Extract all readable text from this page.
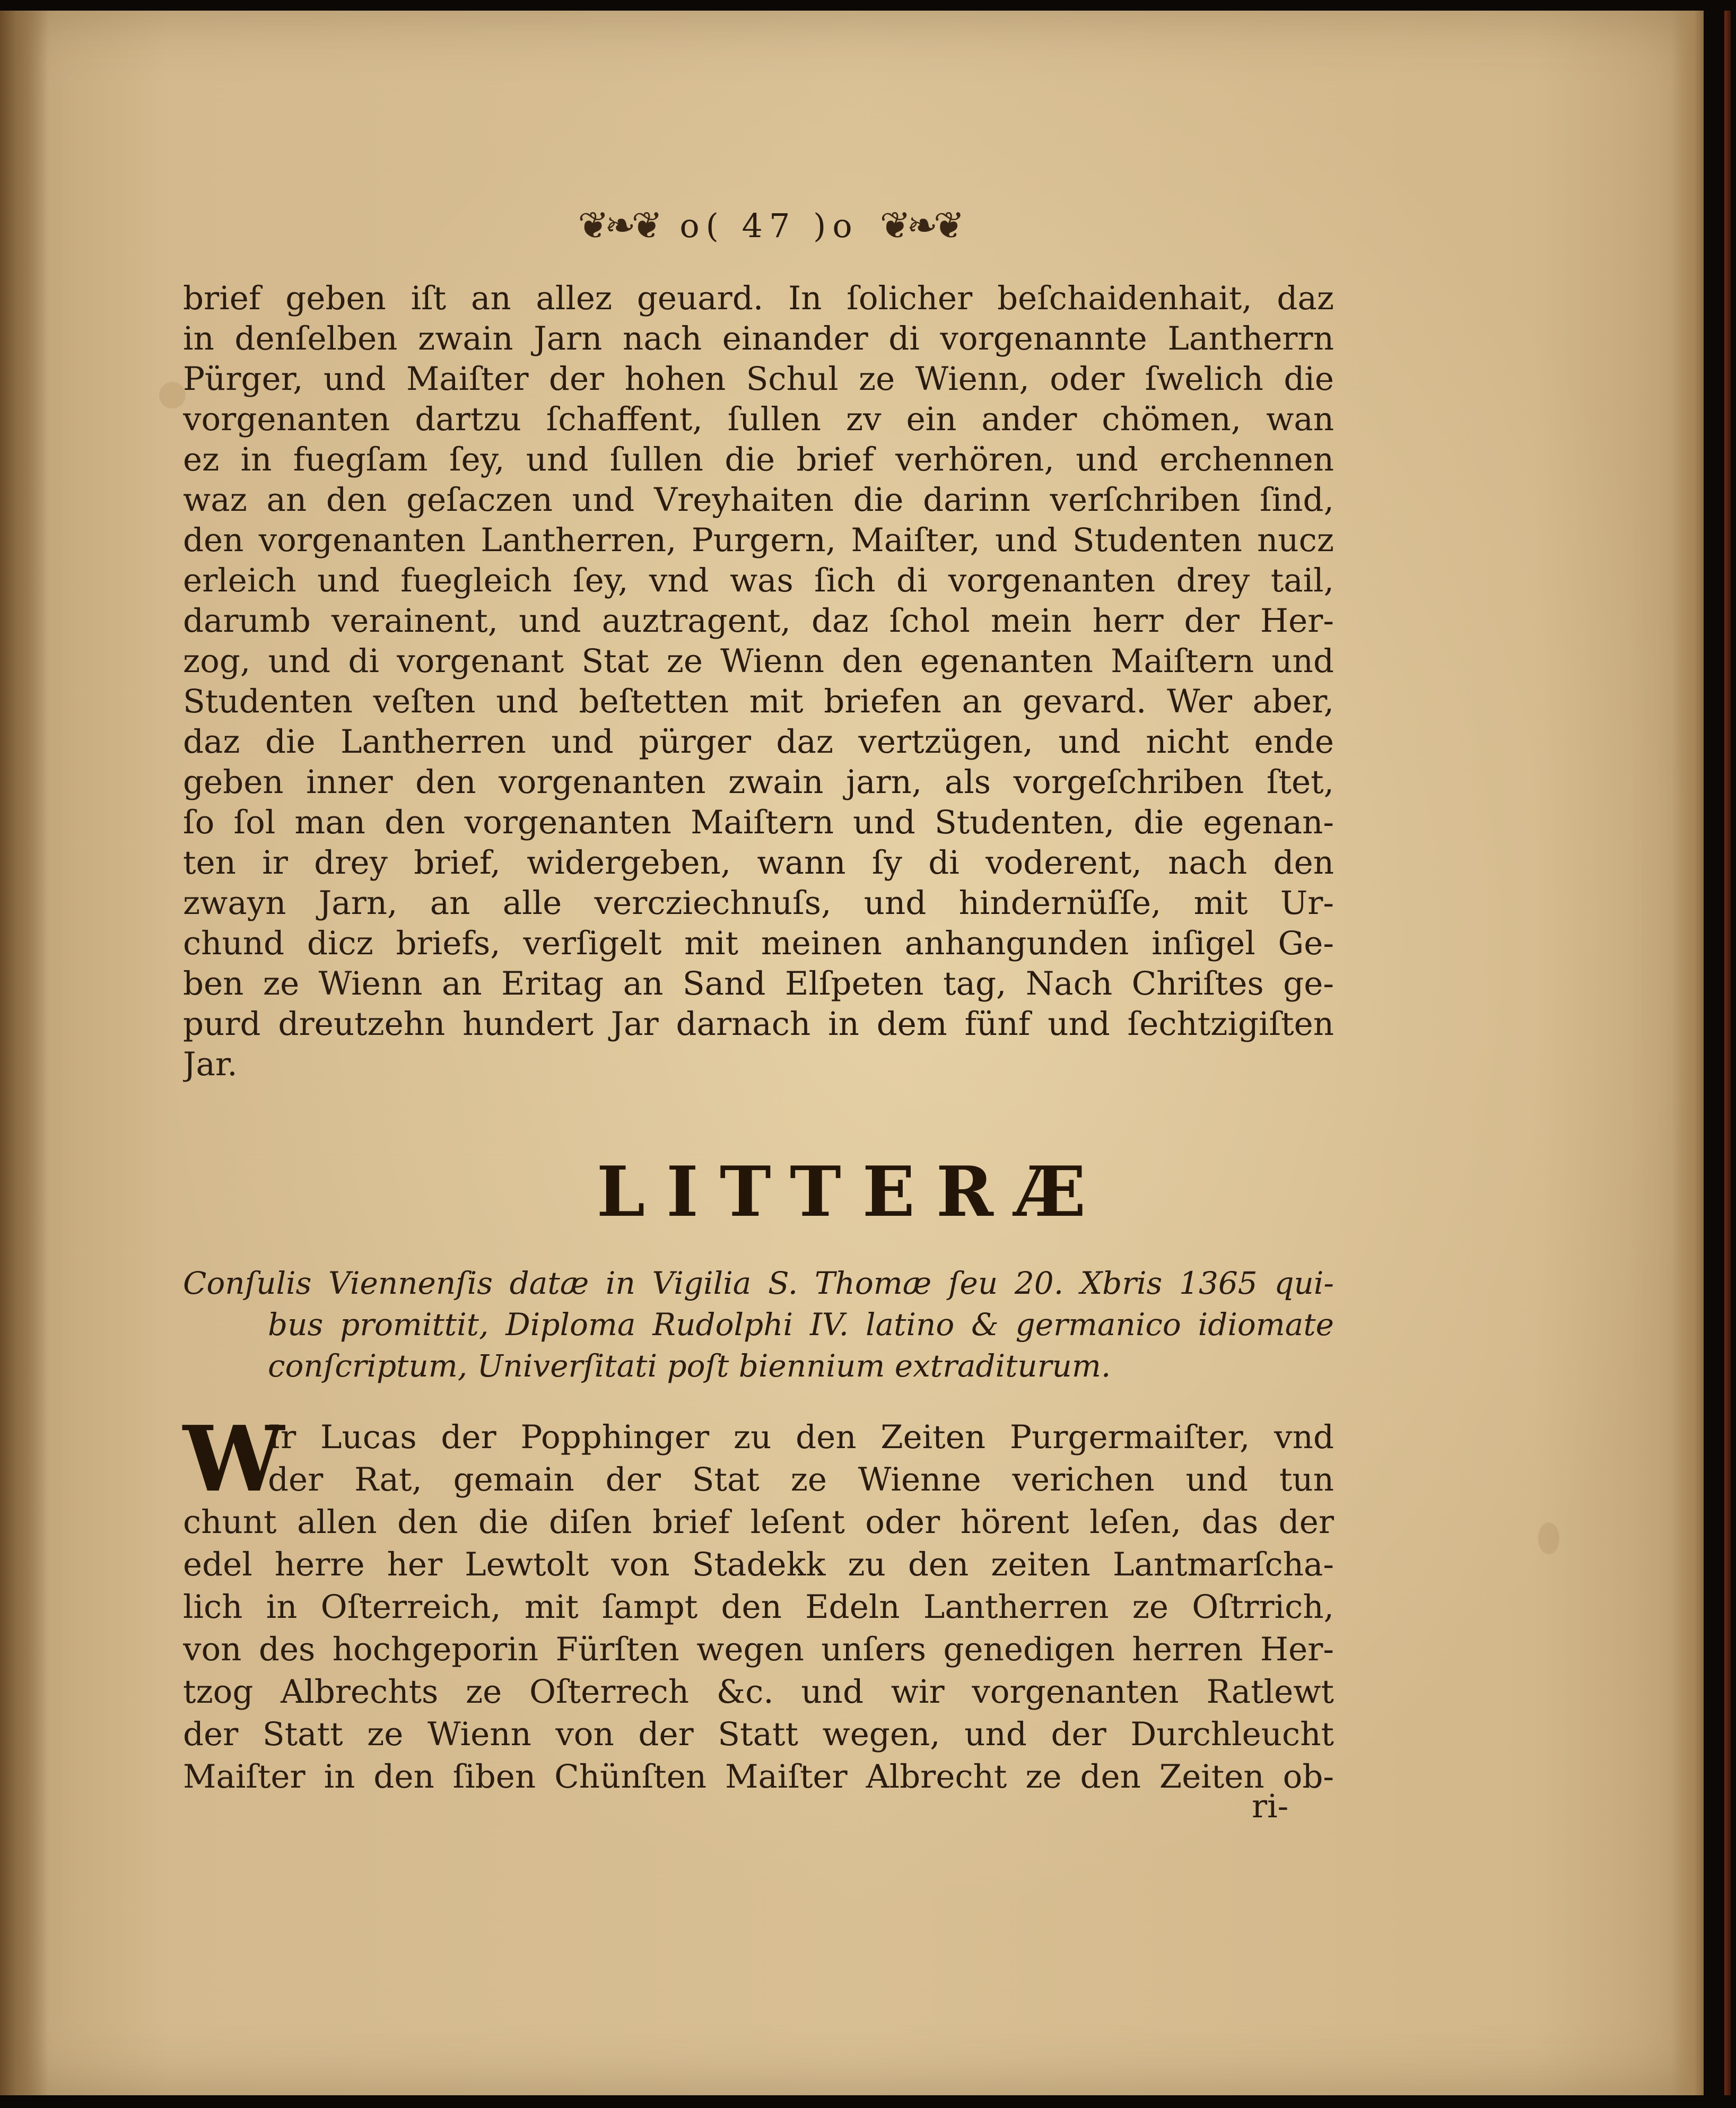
❦❧❦ o( 47 )o ❦❧❦
brief geben iſt an allez geuard. In ſolicher beſchaidenhait, daz
in denſelben zwain Jarn nach einander di vorgenannte Lantherrn
Pürger, und Maiſter der hohen Schul ze Wienn, oder ſwelich die
vorgenanten dartzu ſchaffent, ſullen zv ein ander chömen, wan
ez in fuegſam ſey, und ſullen die brief verhören, und erchennen
waz an den geſaczen und Vreyhaiten die darinn verſchriben ſind,
den vorgenanten Lantherren, Purgern, Maiſter, und Studenten nucz
erleich und fuegleich ſey, vnd was ſich di vorgenanten drey tail,
darumb verainent, und auztragent, daz ſchol mein herr der Her-
zog, und di vorgenant Stat ze Wienn den egenanten Maiſtern und
Studenten veſten und beſtetten mit briefen an gevard. Wer aber,
daz die Lantherren und pürger daz vertzügen, und nicht ende
geben inner den vorgenanten zwain jarn, als vorgeſchriben ſtet,
ſo ſol man den vorgenanten Maiſtern und Studenten, die egenan-
ten ir drey brief, widergeben, wann ſy di voderent, nach den
zwayn Jarn, an alle verczіechnuſs, und hindernüſſe, mit Ur-
chund dicz briefs, verſigelt mit meinen anhangunden inſigel Ge-
ben ze Wienn an Eritag an Sand Elſpeten tag, Nach Chriſtes ge-
purd dreutzehn hundert Jar darnach in dem fünf und ſechtzigiſten
Jar.
LITTERÆ
Conſulis Viennenſis datæ in Vigilia S. Thomæ ſeu 20. Xbris 1365 qui-
bus promittit, Diploma Rudolphi IV. latino & germanico idiomate
conſcriptum, Univerſitati poſt biennium extraditurum.
W
Ir Lucas der Popphinger zu den Zeiten Purgermaiſter, vnd
der Rat, gemain der Stat ze Wienne verichen und tun
chunt allen den die diſen brief leſent oder hörent leſen, das der
edel herre her Lewtolt von Stadekk zu den zeiten Lantmarſcha-
lich in Oſterreich, mit ſampt den Edeln Lantherren ze Oſtrrich,
von des hochgeporin Fürſten wegen unſers genedigen herren Her-
tzog Albrechts ze Oſterrech &c. und wir vorgenanten Ratlewt
der Statt ze Wienn von der Statt wegen, und der Durchleucht
Maiſter in den ſiben Chünſten Maiſter Albrecht ze den Zeiten ob-
ri-
